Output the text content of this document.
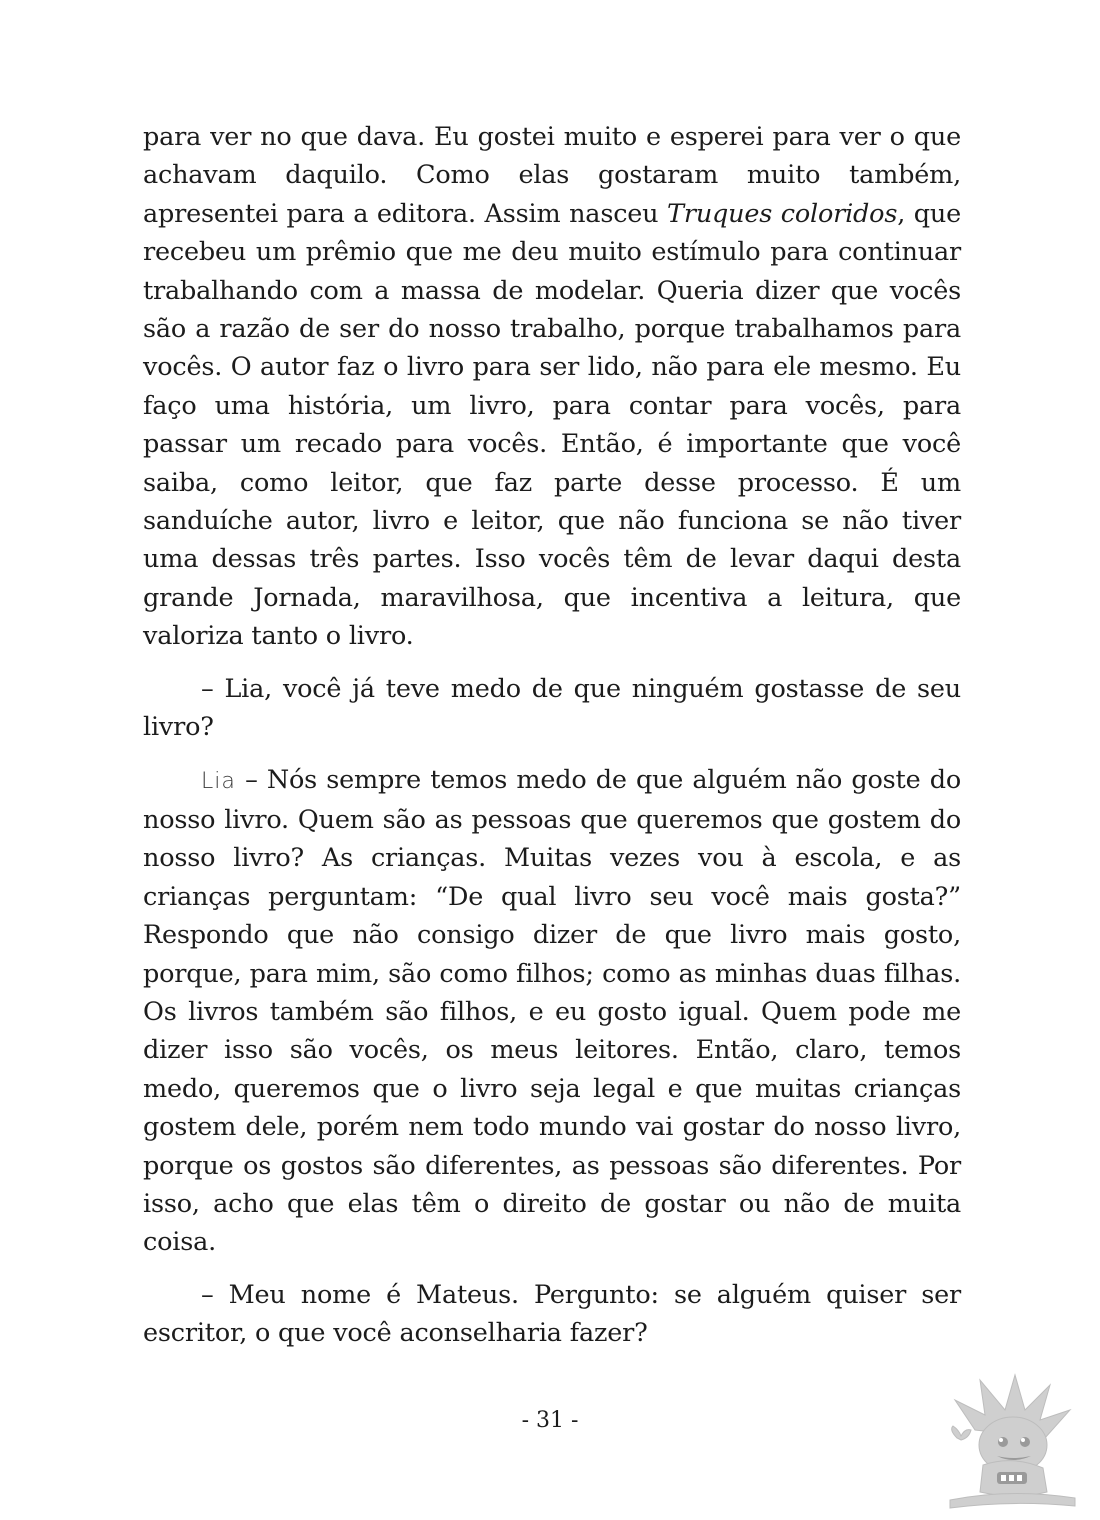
para ver no que dava. Eu gostei muito e esperei para ver o que achavam daquilo. Como elas gostaram muito também, apresentei para a editora. Assim nasceu Truques coloridos, que recebeu um prêmio que me deu muito estímulo para continuar trabalhando com a massa de modelar. Queria dizer que vocês são a razão de ser do nosso trabalho, porque trabalhamos para vocês. O autor faz o livro para ser lido, não para ele mesmo. Eu faço uma história, um livro, para contar para vocês, para passar um recado para vocês. Então, é importante que você saiba, como leitor, que faz parte desse processo. É um sanduíche autor, livro e leitor, que não funciona se não tiver uma dessas três partes. Isso vocês têm de levar daqui desta grande Jornada, maravilhosa, que incentiva a leitura, que valoriza tanto o livro.

– Lia, você já teve medo de que ninguém gostasse de seu livro?

Lia – Nós sempre temos medo de que alguém não goste do nosso livro. Quem são as pessoas que queremos que gostem do nosso livro? As crianças. Muitas vezes vou à escola, e as crianças perguntam: “De qual livro seu você mais gosta?” Respondo que não consigo dizer de que livro mais gosto, porque, para mim, são como filhos; como as minhas duas filhas. Os livros também são filhos, e eu gosto igual. Quem pode me dizer isso são vocês, os meus leitores. Então, claro, temos medo, queremos que o livro seja legal e que muitas crianças gostem dele, porém nem todo mundo vai gostar do nosso livro, porque os gostos são diferentes, as pessoas são diferentes. Por isso, acho que elas têm o direito de gostar ou não de muita coisa.

– Meu nome é Mateus. Pergunto: se alguém quiser ser escritor, o que você aconselharia fazer?

- 31 -
